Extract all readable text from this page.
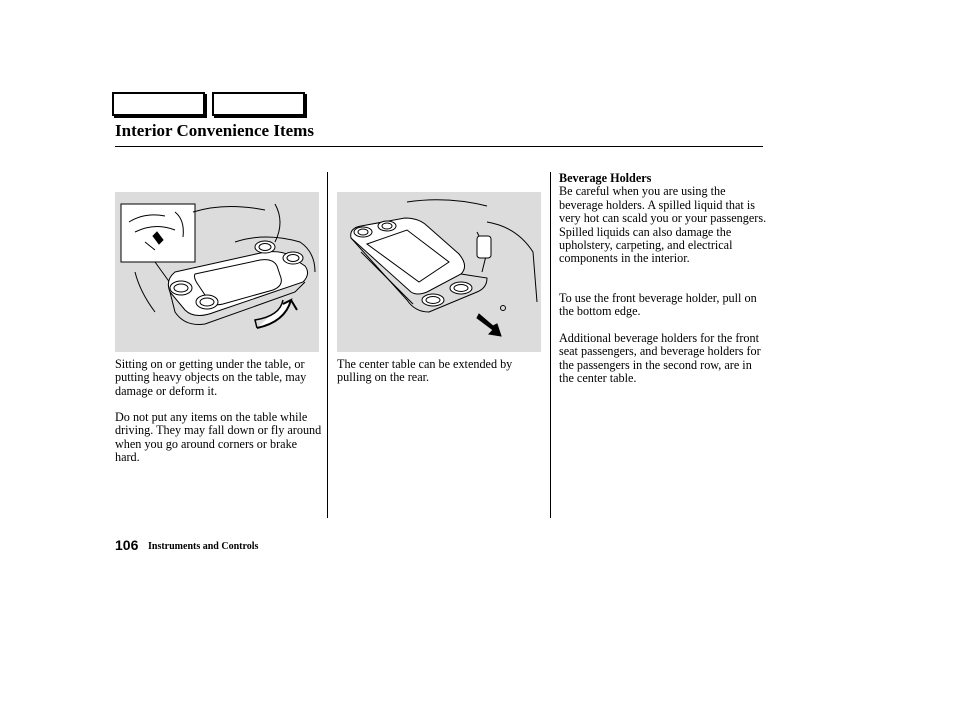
Interior Convenience Items

Sitting on or getting under the table, or putting heavy objects on the table, may damage or deform it.

Do not put any items on the table while driving. They may fall down or fly around when you go around corners or brake hard.

The center table can be extended by pulling on the rear.

Beverage Holders
Be careful when you are using the beverage holders. A spilled liquid that is very hot can scald you or your passengers. Spilled liquids can also damage the upholstery, carpeting, and electrical components in the interior.

To use the front beverage holder, pull on the bottom edge.

Additional beverage holders for the front seat passengers, and beverage holders for the passengers in the second row, are in the center table.

106 Instruments and Controls
